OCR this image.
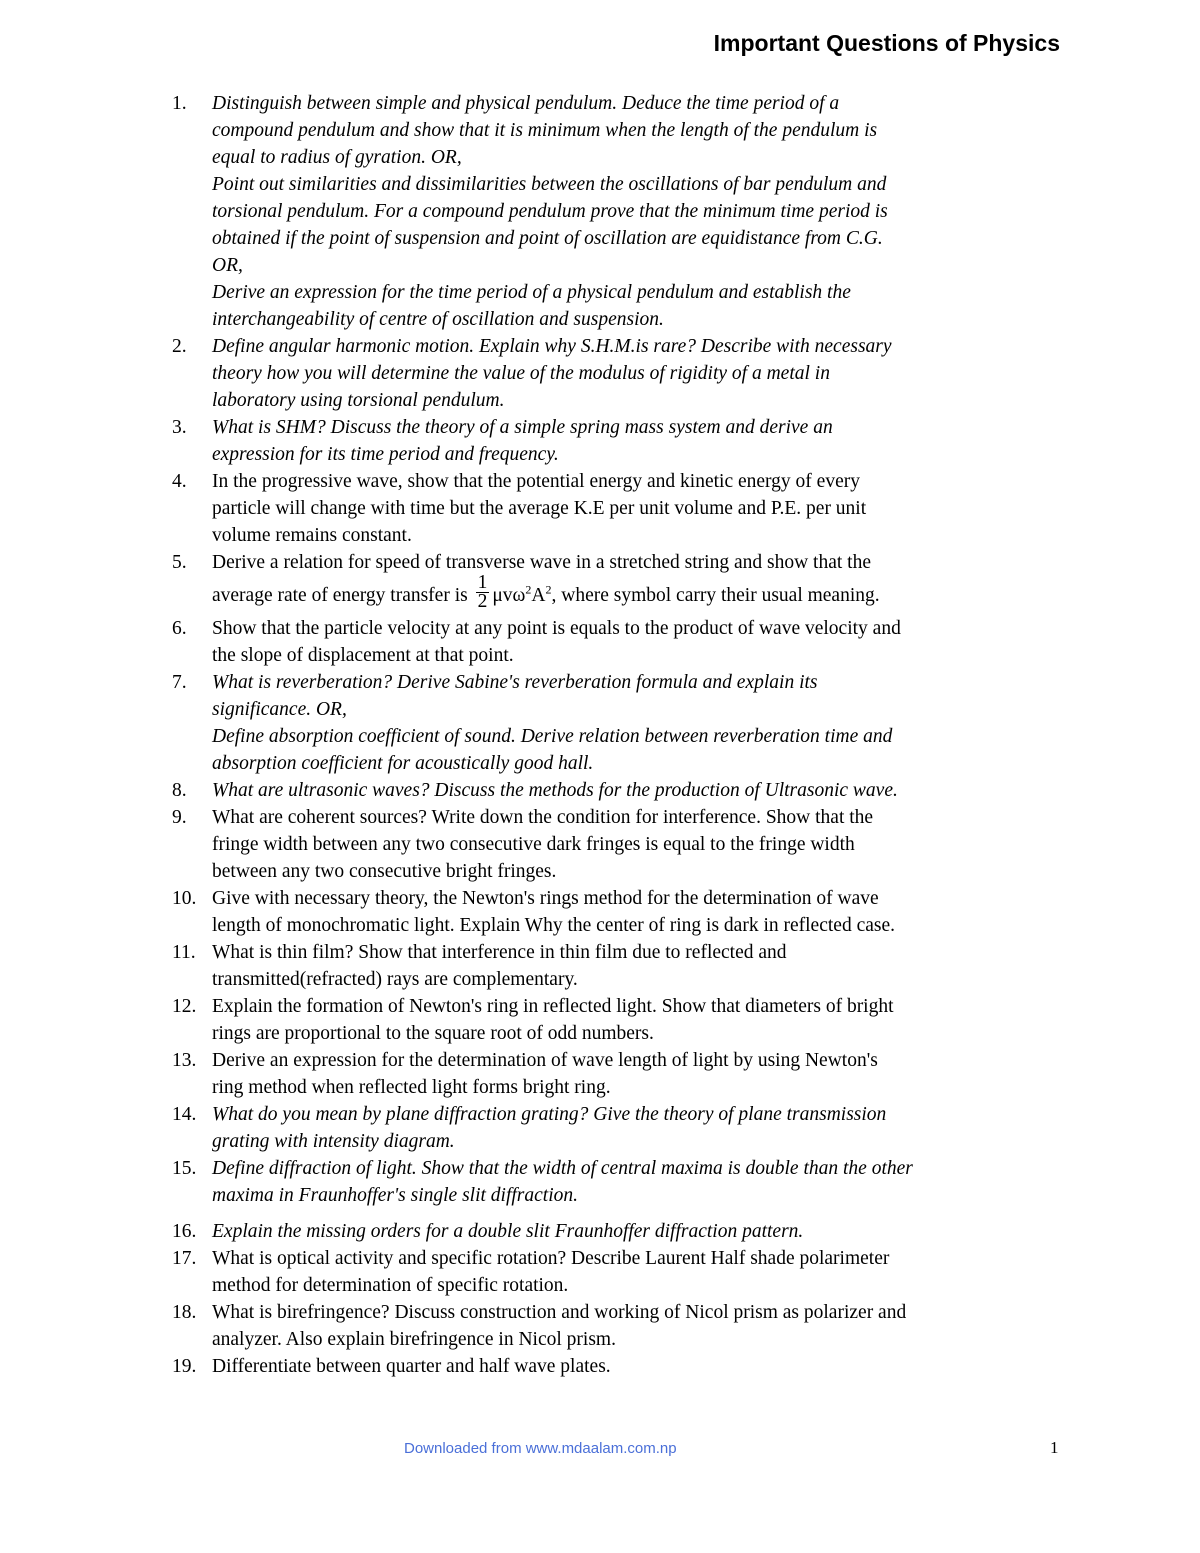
Important Questions of Physics
1. Distinguish between simple and physical pendulum. Deduce the time period of a
compound pendulum and show that it is minimum when the length of the pendulum is
equal to radius of gyration. OR,
Point out similarities and dissimilarities between the oscillations of bar pendulum and
torsional pendulum. For a compound pendulum prove that the minimum time period is
obtained if the point of suspension and point of oscillation are equidistance from C.G.
OR,
Derive an expression for the time period of a physical pendulum and establish the
interchangeability of centre of oscillation and suspension.
2. Define angular harmonic motion. Explain why S.H.M.is rare? Describe with necessary
theory how you will determine the value of the modulus of rigidity of a metal in
laboratory using torsional pendulum.
3. What is SHM? Discuss the theory of a simple spring mass system and derive an
expression for its time period and frequency.
4. In the progressive wave, show that the potential energy and kinetic energy of every
particle will change with time but the average K.E per unit volume and P.E. per unit
volume remains constant.
5. Derive a relation for speed of transverse wave in a stretched string and show that the
average rate of energy transfer is $\frac{1}{2} \mu v\omega^2A^2$, where symbol carry their usual meaning.
6. Show that the particle velocity at any point is equals to the product of wave velocity and
the slope of displacement at that point.
7. What is reverberation? Derive Sabine's reverberation formula and explain its
significance. OR,
Define absorption coefficient of sound. Derive relation between reverberation time and
absorption coefficient for acoustically good hall.
8. What are ultrasonic waves? Discuss the methods for the production of Ultrasonic wave.
9. What are coherent sources? Write down the condition for interference. Show that the
fringe width between any two consecutive dark fringes is equal to the fringe width
between any two consecutive bright fringes.
10. Give with necessary theory, the Newton's rings method for the determination of wave
length of monochromatic light. Explain Why the center of ring is dark in reflected case.
11. What is thin film? Show that interference in thin film due to reflected and
transmitted(refracted) rays are complementary.
12. Explain the formation of Newton's ring in reflected light. Show that diameters of bright
rings are proportional to the square root of odd numbers.
13. Derive an expression for the determination of wave length of light by using Newton's
ring method when reflected light forms bright ring.
14. What do you mean by plane diffraction grating? Give the theory of plane transmission
grating with intensity diagram.
15. Define diffraction of light. Show that the width of central maxima is double than the other
maxima in Fraunhoffer's single slit diffraction.
16. Explain the missing orders for a double slit Fraunhoffer diffraction pattern.
17. What is optical activity and specific rotation? Describe Laurent Half shade polarimeter
method for determination of specific rotation.
18. What is birefringence? Discuss construction and working of Nicol prism as polarizer and
analyzer. Also explain birefringence in Nicol prism.
19. Differentiate between quarter and half wave plates.
Downloaded from www.mdaalam.com.np	1
